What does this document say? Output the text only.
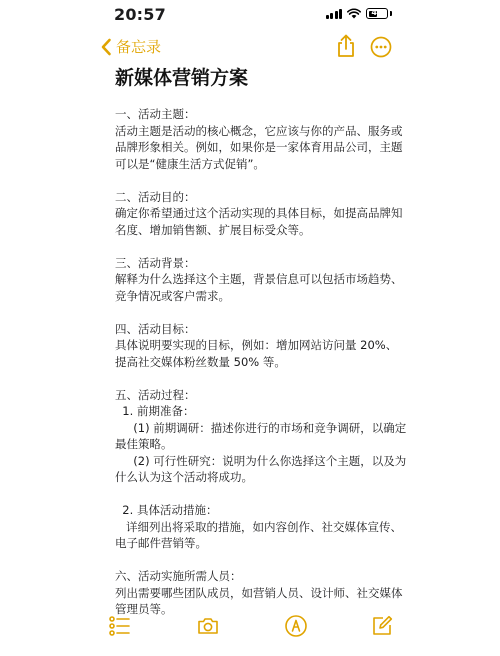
20:57	40
备忘录
新媒体营销方案
一、活动主题：
活动主题是活动的核心概念，它应该与你的产品、服务或
品牌形象相关。例如，如果你是一家体育用品公司，主题
可以是“健康生活方式促销”。
二、活动目的：
确定你希望通过这个活动实现的具体目标，如提高品牌知
名度、增加销售额、扩展目标受众等。
三、活动背景：
解释为什么选择这个主题，背景信息可以包括市场趋势、
竞争情况或客户需求。
四、活动目标：
具体说明要实现的目标，例如：增加网站访问量 20%、
提高社交媒体粉丝数量 50% 等。
五、活动过程：
1. 前期准备：
(1) 前期调研：描述你进行的市场和竞争调研，以确定
最佳策略。
(2) 可行性研究：说明为什么你选择这个主题，以及为
什么认为这个活动将成功。
2. 具体活动措施：
详细列出将采取的措施，如内容创作、社交媒体宣传、
电子邮件营销等。
六、活动实施所需人员：
列出需要哪些团队成员，如营销人员、设计师、社交媒体
管理员等。
